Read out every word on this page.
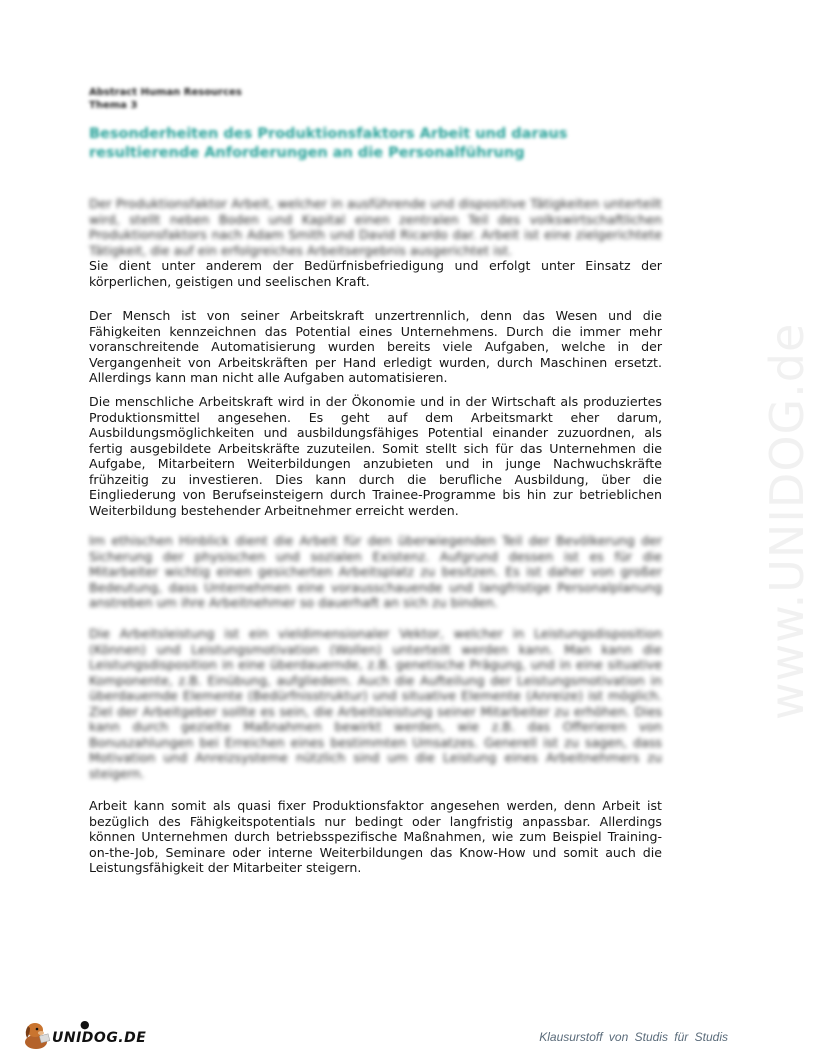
www.UNIDOG.de
Abstract Human Resources
Thema 3
Besonderheiten des Produktionsfaktors Arbeit und daraus resultierende Anforderungen an die Personalführung

Der Produktionsfaktor Arbeit, welcher in ausführende und dispositive Tätigkeiten unterteilt wird, stellt neben Boden und Kapital einen zentralen Teil des volkswirtschaftlichen Produktionsfaktors nach Adam Smith und David Ricardo dar. Arbeit ist eine zielgerichtete Tätigkeit, die auf ein erfolgreiches Arbeitsergebnis ausgerichtet ist.

Sie dient unter anderem der Bedürfnisbefriedigung und erfolgt unter Einsatz der körperlichen, geistigen und seelischen Kraft.

Der Mensch ist von seiner Arbeitskraft unzertrennlich, denn das Wesen und die Fähigkeiten kennzeichnen das Potential eines Unternehmens. Durch die immer mehr voranschreitende Automatisierung wurden bereits viele Aufgaben, welche in der Vergangenheit von Arbeitskräften per Hand erledigt wurden, durch Maschinen ersetzt. Allerdings kann man nicht alle Aufgaben automatisieren.

Die menschliche Arbeitskraft wird in der Ökonomie und in der Wirtschaft als produziertes Produktionsmittel angesehen. Es geht auf dem Arbeitsmarkt eher darum, Ausbildungsmöglichkeiten und ausbildungsfähiges Potential einander zuzuordnen, als fertig ausgebildete Arbeitskräfte zuzuteilen. Somit stellt sich für das Unternehmen die Aufgabe, Mitarbeitern Weiterbildungen anzubieten und in junge Nachwuchskräfte frühzeitig zu investieren. Dies kann durch die berufliche Ausbildung, über die Eingliederung von Berufseinsteigern durch Trainee-Programme bis hin zur betrieblichen Weiterbildung bestehender Arbeitnehmer erreicht werden.

Im ethischen Hinblick dient die Arbeit für den überwiegenden Teil der Bevölkerung der Sicherung der physischen und sozialen Existenz. Aufgrund dessen ist es für die Mitarbeiter wichtig einen gesicherten Arbeitsplatz zu besitzen. Es ist daher von großer Bedeutung, dass Unternehmen eine vorausschauende und langfristige Personalplanung anstreben um ihre Arbeitnehmer so dauerhaft an sich zu binden.

Die Arbeitsleistung ist ein vieldimensionaler Vektor, welcher in Leistungsdisposition (Können) und Leistungsmotivation (Wollen) unterteilt werden kann. Man kann die Leistungsdisposition in eine überdauernde, z.B. genetische Prägung, und in eine situative Komponente, z.B. Einübung, aufgliedern. Auch die Aufteilung der Leistungsmotivation in überdauernde Elemente (Bedürfnisstruktur) und situative Elemente (Anreize) ist möglich. Ziel der Arbeitgeber sollte es sein, die Arbeitsleistung seiner Mitarbeiter zu erhöhen. Dies kann durch gezielte Maßnahmen bewirkt werden, wie z.B. das Offerieren von Bonuszahlungen bei Erreichen eines bestimmten Umsatzes. Generell ist zu sagen, dass Motivation und Anreizsysteme nützlich sind um die Leistung eines Arbeitnehmers zu steigern.

Arbeit kann somit als quasi fixer Produktionsfaktor angesehen werden, denn Arbeit ist bezüglich des Fähigkeitspotentials nur bedingt oder langfristig anpassbar. Allerdings können Unternehmen durch betriebsspezifische Maßnahmen, wie zum Beispiel Training-on-the-Job, Seminare oder interne Weiterbildungen das Know-How und somit auch die Leistungsfähigkeit der Mitarbeiter steigern.

●
UNIDOG.DE	Klausurstoff von Studis für Studis
